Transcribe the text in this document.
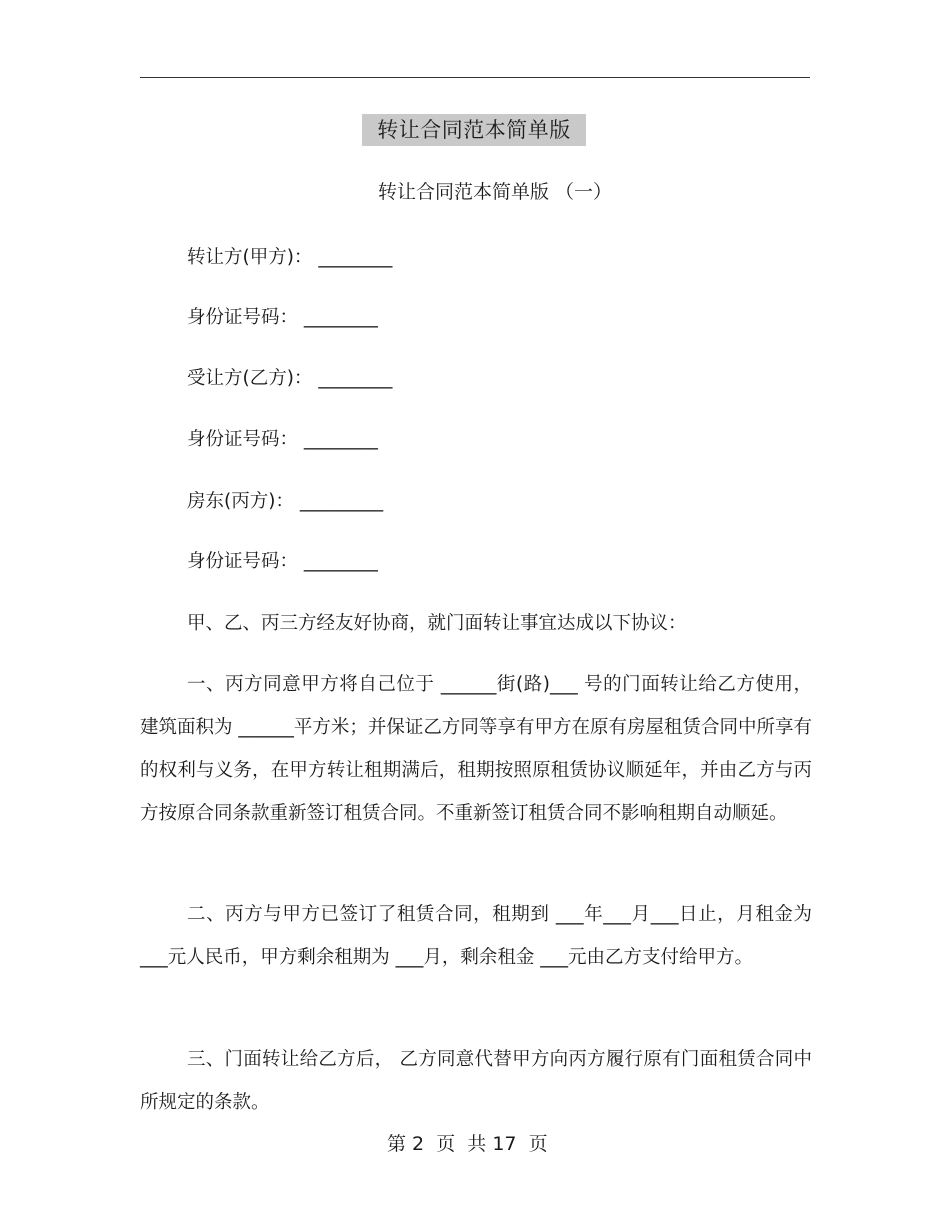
转让合同范本简单版
转让合同范本简单版 （一）
转让方(甲方)： ________
身份证号码： ________
受让方(乙方)： ________
身份证号码： ________
房东(丙方)： _________
身份证号码： ________
甲、乙、丙三方经友好协商，就门面转让事宜达成以下协议：
一、丙方同意甲方将自己位于 ______街(路)___ 号的门面转让给乙方使用，建筑面积为 ______平方米；并保证乙方同等享有甲方在原有房屋租赁合同中所享有的权利与义务，在甲方转让租期满后，租期按照原租赁协议顺延年，并由乙方与丙方按原合同条款重新签订租赁合同。不重新签订租赁合同不影响租期自动顺延。
二、丙方与甲方已签订了租赁合同，租期到 ___年___月___日止，月租金为 ___元人民币，甲方剩余租期为 ___月，剩余租金 ___元由乙方支付给甲方。
三、门面转让给乙方后， 乙方同意代替甲方向丙方履行原有门面租赁合同中所规定的条款。
第 2  页  共 17  页
